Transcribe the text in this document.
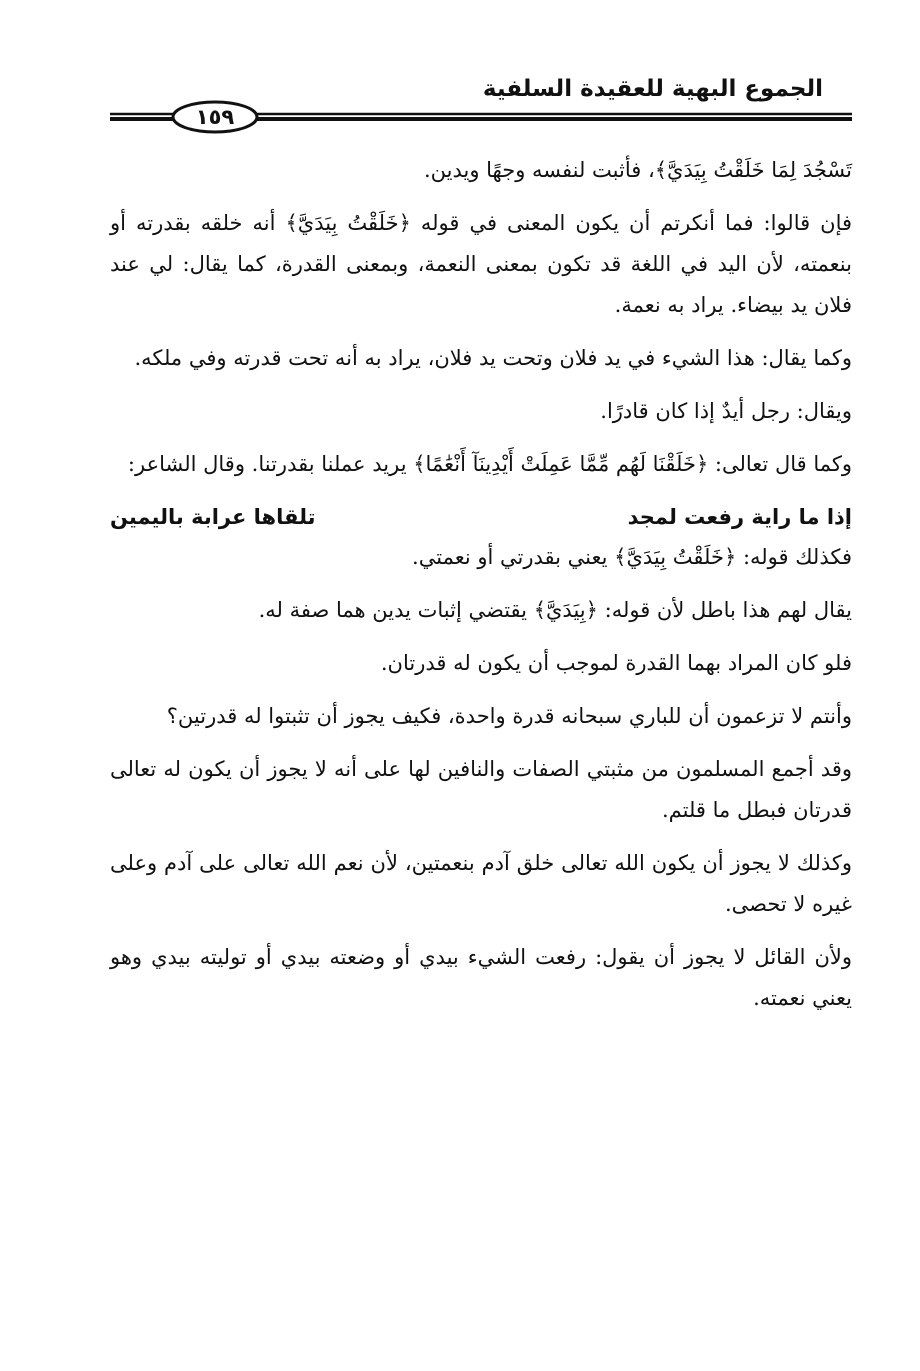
الجموع البهية للعقيدة السلفية
١٥٩

تَسْجُدَ لِمَا خَلَقْتُ بِيَدَيَّ﴾، فأثبت لنفسه وجهًا ويدين.

فإن قالوا: فما أنكرتم أن يكون المعنى في قوله ﴿خَلَقْتُ بِيَدَيَّ﴾ أنه خلقه بقدرته أو بنعمته، لأن اليد في اللغة قد تكون بمعنى النعمة، وبمعنى القدرة، كما يقال: لي عند فلان يد بيضاء. يراد به نعمة.

وكما يقال: هذا الشيء في يد فلان وتحت يد فلان، يراد به أنه تحت قدرته وفي ملكه.

ويقال: رجل أيدٌ إذا كان قادرًا.

وكما قال تعالى: ﴿خَلَقْنَا لَهُم مِّمَّا عَمِلَتْ أَيْدِينَآ أَنْعَٰمًا﴾ يريد عملنا بقدرتنا. وقال الشاعر:

إذا ما راية رفعت لمجد
تلقاها عرابة باليمين

فكذلك قوله: ﴿خَلَقْتُ بِيَدَيَّ﴾ يعني بقدرتي أو نعمتي.

يقال لهم هذا باطل لأن قوله: ﴿بِيَدَيَّ﴾ يقتضي إثبات يدين هما صفة له.

فلو كان المراد بهما القدرة لموجب أن يكون له قدرتان.

وأنتم لا تزعمون أن للباري سبحانه قدرة واحدة، فكيف يجوز أن تثبتوا له قدرتين؟

وقد أجمع المسلمون من مثبتي الصفات والنافين لها على أنه لا يجوز أن يكون له تعالى قدرتان فبطل ما قلتم.

وكذلك لا يجوز أن يكون الله تعالى خلق آدم بنعمتين، لأن نعم الله تعالى على آدم وعلى غيره لا تحصى.

ولأن القائل لا يجوز أن يقول: رفعت الشيء بيدي أو وضعته بيدي أو توليته بيدي وهو يعني نعمته.
